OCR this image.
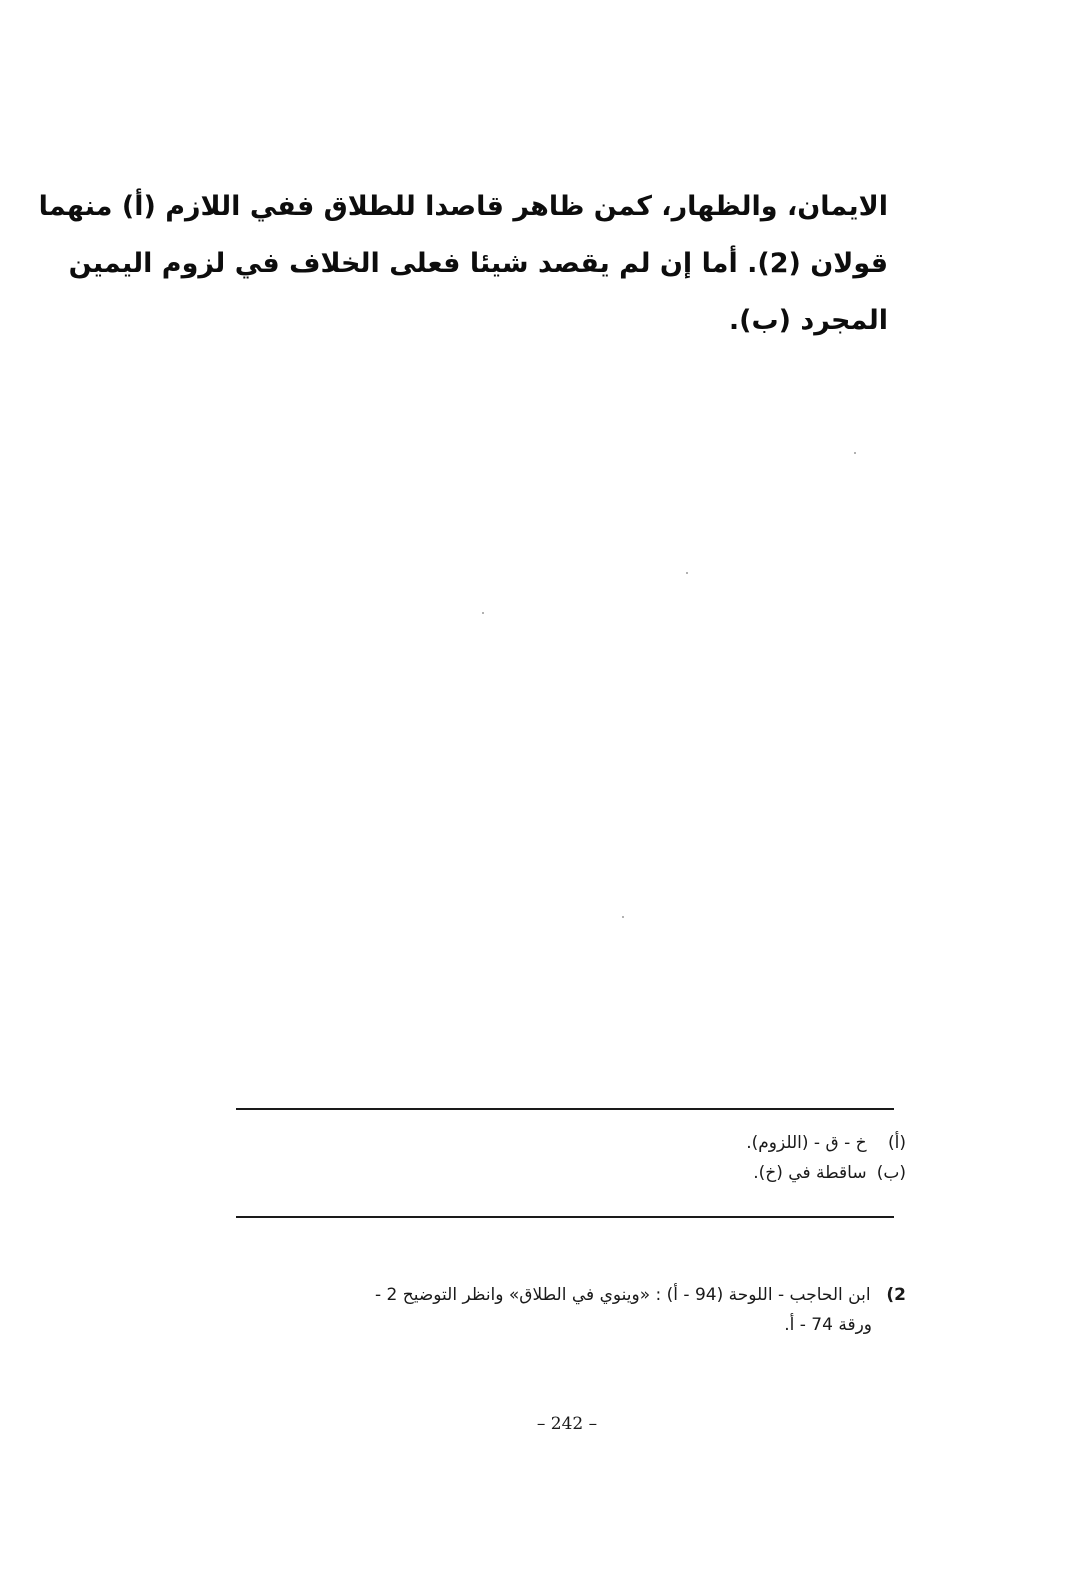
الايمان، والظهار، كمن ظاهر قاصدا للطلاق ففي اللازم (أ) منهما
قولان (2). أما إن لم يقصد شيئا فعلى الخلاف في لزوم اليمين
المجرد (ب).
(أ) خ - ق - (اللزوم).
(ب) ساقطة في (خ).
2) ابن الحاجب - اللوحة (94 - أ) : «وينوي في الطلاق» وانظر التوضيح 2 -
ورقة 74 - أ.
– 242 –
